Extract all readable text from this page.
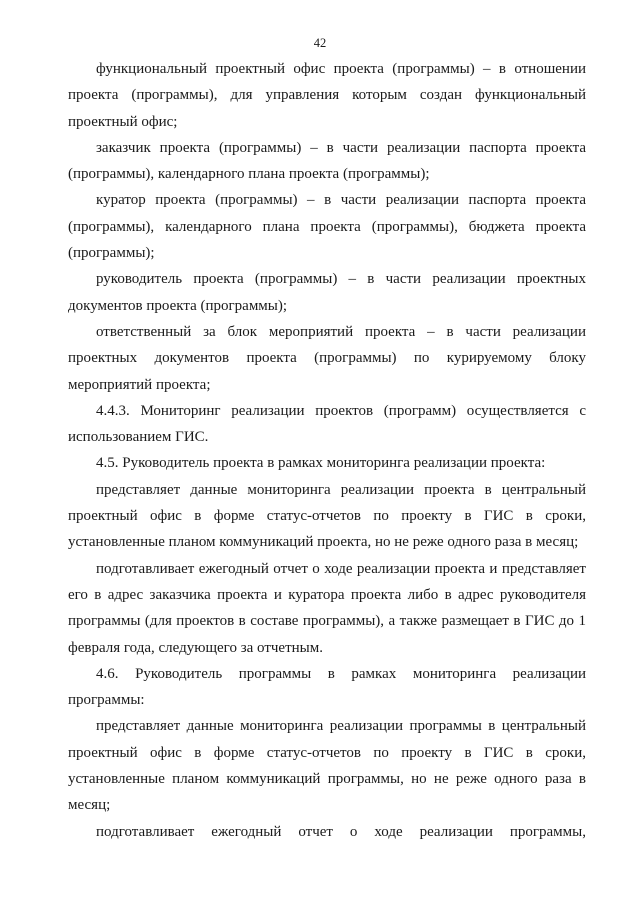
42

функциональный проектный офис проекта (программы) – в отношении проекта (программы), для управления которым создан функциональный проектный офис;

заказчик проекта (программы) – в части реализации паспорта проекта (программы), календарного плана проекта (программы);

куратор проекта (программы) – в части реализации паспорта проекта (программы), календарного плана проекта (программы), бюджета проекта (программы);

руководитель проекта (программы) – в части реализации проектных документов проекта (программы);

ответственный за блок мероприятий проекта – в части реализации проектных документов проекта (программы) по курируемому блоку мероприятий проекта;

4.4.3. Мониторинг реализации проектов (программ) осуществляется с использованием ГИС.

4.5. Руководитель проекта в рамках мониторинга реализации проекта:

представляет данные мониторинга реализации проекта в центральный проектный офис в форме статус-отчетов по проекту в ГИС в сроки, установленные планом коммуникаций проекта, но не реже одного раза в месяц;

подготавливает ежегодный отчет о ходе реализации проекта и представляет его в адрес заказчика проекта и куратора проекта либо в адрес руководителя программы (для проектов в составе программы), а также размещает в ГИС до 1 февраля года, следующего за отчетным.

4.6. Руководитель программы в рамках мониторинга реализации программы:

представляет данные мониторинга реализации программы в центральный проектный офис в форме статус-отчетов по проекту в ГИС в сроки, установленные планом коммуникаций программы, но не реже одного раза в месяц;

подготавливает ежегодный отчет о ходе реализации программы,
